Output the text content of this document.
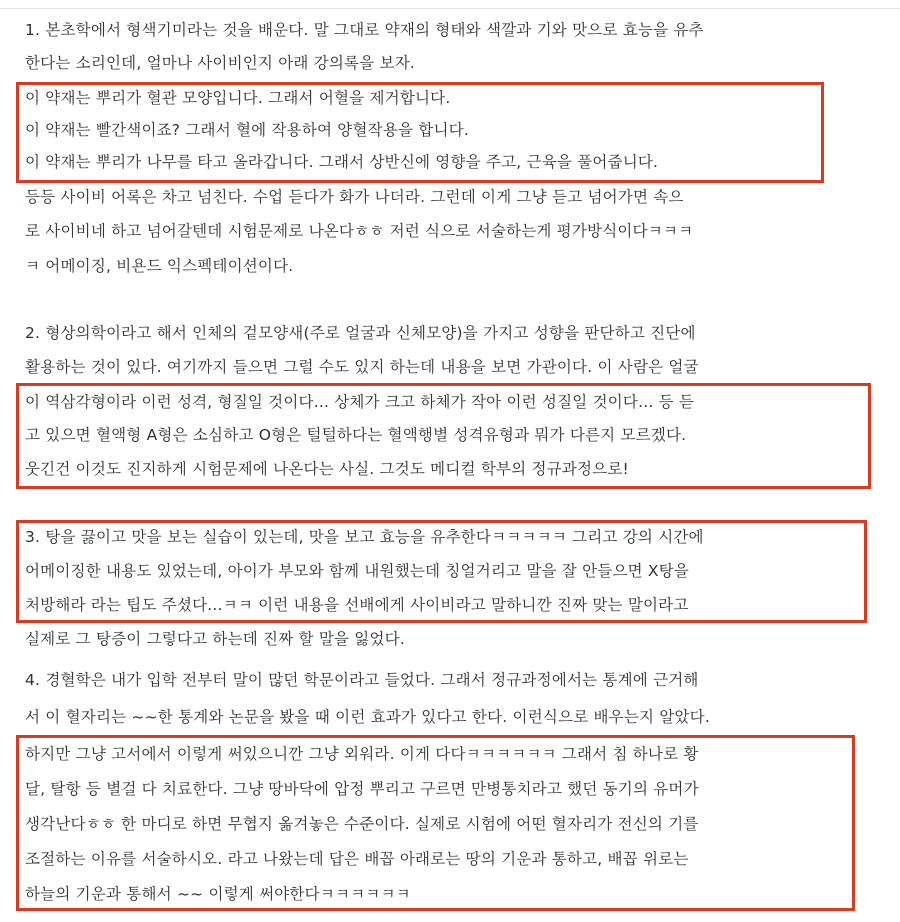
1. 본초학에서 형색기미라는 것을 배운다. 말 그대로 약재의 형태와 색깔과 기와 맛으로 효능을 유추
한다는 소리인데, 얼마나 사이비인지 아래 강의록을 보자.
이 약재는 뿌리가 혈관 모양입니다. 그래서 어혈을 제거합니다.
이 약재는 빨간색이죠? 그래서 혈에 작용하여 양혈작용을 합니다.
이 약재는 뿌리가 나무를 타고 올라갑니다. 그래서 상반신에 영향을 주고, 근육을 풀어줍니다.
등등 사이비 어록은 차고 넘친다. 수업 듣다가 화가 나더라. 그런데 이게 그냥 듣고 넘어가면 속으
로 사이비네 하고 넘어갈텐데 시험문제로 나온다ㅎㅎ 저런 식으로 서술하는게 평가방식이다ㅋㅋㅋ
ㅋ 어메이징, 비욘드 익스펙테이션이다.
2. 형상의학이라고 해서 인체의 겉모양새(주로 얼굴과 신체모양)을 가지고 성향을 판단하고 진단에
활용하는 것이 있다. 여기까지 들으면 그럴 수도 있지 하는데 내용을 보면 가관이다. 이 사람은 얼굴
이 역삼각형이라 이런 성격, 형질일 것이다... 상체가 크고 하체가 작아 이런 성질일 것이다... 등 듣
고 있으면 혈액형 A형은 소심하고 O형은 털털하다는 혈액행별 성격유형과 뭐가 다른지 모르겠다.
웃긴건 이것도 진지하게 시험문제에 나온다는 사실. 그것도 메디컬 학부의 정규과정으로!
3. 탕을 끓이고 맛을 보는 실습이 있는데, 맛을 보고 효능을 유추한다ㅋㅋㅋㅋㅋ 그리고 강의 시간에
어메이징한 내용도 있었는데, 아이가 부모와 함께 내원했는데 칭얼거리고 말을 잘 안들으면 X탕을
처방해라 라는 팁도 주셨다...ㅋㅋ 이런 내용을 선배에게 사이비라고 말하니깐 진짜 맞는 말이라고
실제로 그 탕증이 그렇다고 하는데 진짜 할 말을 잃었다.
4. 경혈학은 내가 입학 전부터 말이 많던 학문이라고 들었다. 그래서 정규과정에서는 통계에 근거해
서 이 혈자리는 ~~한 통계와 논문을 봤을 때 이런 효과가 있다고 한다. 이런식으로 배우는지 알았다.
하지만 그냥 고서에서 이렇게 써있으니깐 그냥 외워라. 이게 다다ㅋㅋㅋㅋㅋㅋ 그래서 침 하나로 황
달, 탈항 등 별걸 다 치료한다. 그냥 땅바닥에 압정 뿌리고 구르면 만병통치라고 했던 동기의 유머가
생각난다ㅎㅎ 한 마디로 하면 무협지 옮겨놓은 수준이다. 실제로 시험에 어떤 혈자리가 전신의 기를
조절하는 이유를 서술하시오. 라고 나왔는데 답은 배꼽 아래로는 땅의 기운과 통하고, 배꼽 위로는
하늘의 기운과 통해서 ~~ 이렇게 써야한다ㅋㅋㅋㅋㅋㅋ
